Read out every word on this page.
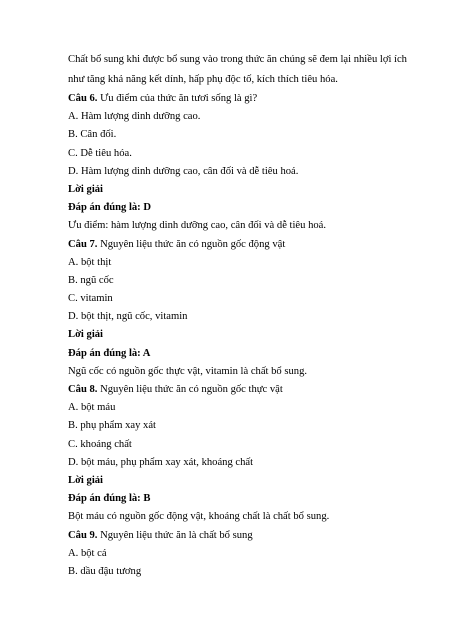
Chất bổ sung khi được bổ sung vào trong thức ăn chúng sẽ đem lại nhiều lợi ích như tăng khả năng kết dính, hấp phụ độc tố, kích thích tiêu hóa.

Câu 6. Ưu điểm của thức ăn tươi sống là gì?
A. Hàm lượng dinh dưỡng cao.
B. Cân đối.
C. Dễ tiêu hóa.
D. Hàm lượng dinh dưỡng cao, cân đối và dễ tiêu hoá.
Lời giải
Đáp án đúng là: D
Ưu điểm: hàm lượng dinh dưỡng cao, cân đối và dễ tiêu hoá.
Câu 7. Nguyên liệu thức ăn có nguồn gốc động vật
A. bột thịt
B. ngũ cốc
C. vitamin
D. bột thịt, ngũ cốc, vitamin
Lời giải
Đáp án đúng là: A
Ngũ cốc có nguồn gốc thực vật, vitamin là chất bổ sung.
Câu 8. Nguyên liệu thức ăn có nguồn gốc thực vật
A. bột máu
B. phụ phẩm xay xát
C. khoáng chất
D. bột máu, phụ phẩm xay xát, khoáng chất
Lời giải
Đáp án đúng là: B
Bột máu có nguồn gốc động vật, khoáng chất là chất bổ sung.
Câu 9. Nguyên liệu thức ăn là chất bổ sung
A. bột cá
B. dầu đậu tương
